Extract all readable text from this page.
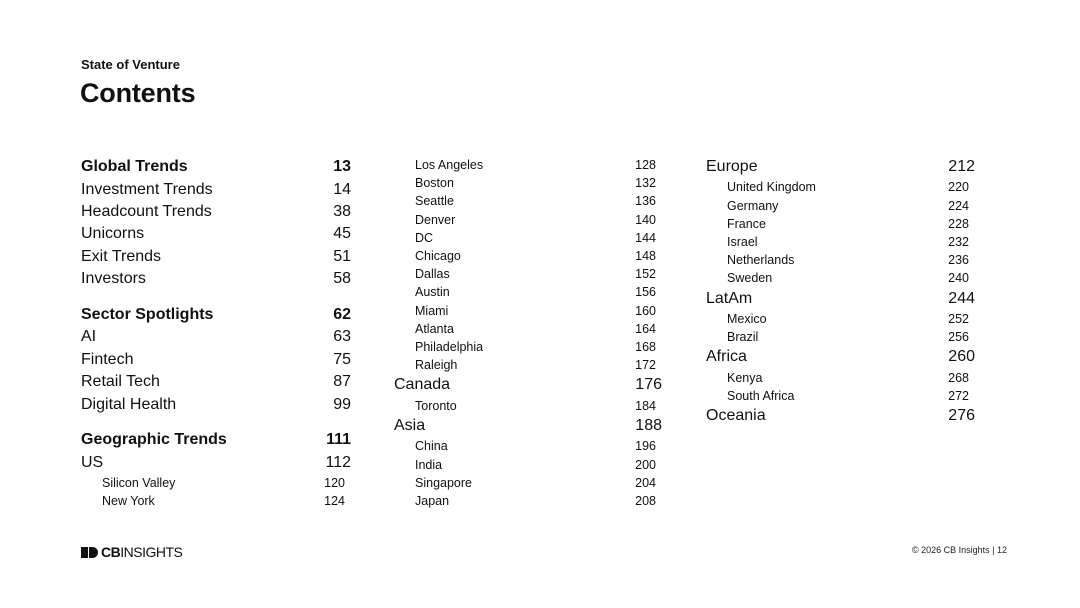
State of Venture
Contents
Global Trends	13
Investment Trends	14
Headcount Trends	38
Unicorns	45
Exit Trends	51
Investors	58
Sector Spotlights	62
AI	63
Fintech	75
Retail Tech	87
Digital Health	99
Geographic Trends	111
US	112
Silicon Valley	120
New York	124
Los Angeles	128
Boston	132
Seattle	136
Denver	140
DC	144
Chicago	148
Dallas	152
Austin	156
Miami	160
Atlanta	164
Philadelphia	168
Raleigh	172
Canada	176
Toronto	184
Asia	188
China	196
India	200
Singapore	204
Japan	208
Europe	212
United Kingdom	220
Germany	224
France	228
Israel	232
Netherlands	236
Sweden	240
LatAm	244
Mexico	252
Brazil	256
Africa	260
Kenya	268
South Africa	272
Oceania	276
CBINSIGHTS	© 2026 CB Insights | 12
